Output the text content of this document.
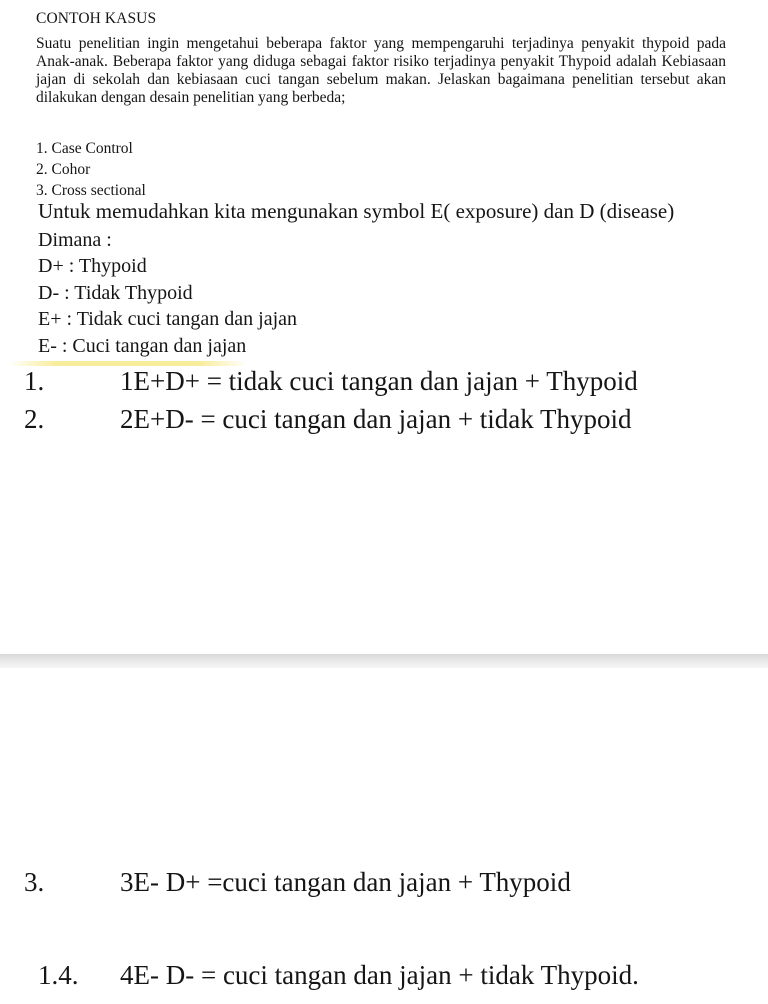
CONTOH KASUS
Suatu penelitian ingin mengetahui beberapa faktor yang mempengaruhi terjadinya penyakit thypoid pada Anak-anak. Beberapa faktor yang diduga sebagai faktor risiko terjadinya penyakit Thypoid adalah Kebiasaan jajan di sekolah dan kebiasaan cuci tangan sebelum makan. Jelaskan bagaimana penelitian tersebut akan dilakukan dengan desain penelitian yang berbeda;
1. Case Control
2. Cohor
3. Cross sectional
Untuk memudahkan kita mengunakan symbol E( exposure) dan D (disease)
Dimana :
D+ : Thypoid
D- : Tidak Thypoid
E+ : Tidak cuci tangan dan jajan
E- : Cuci tangan dan jajan
1.	1E+D+ = tidak cuci tangan dan jajan + Thypoid
2.	2E+D- = cuci tangan dan jajan + tidak Thypoid
3.	3E- D+ =cuci tangan dan jajan + Thypoid
1.4. 4E- D- = cuci tangan dan jajan + tidak Thypoid.
